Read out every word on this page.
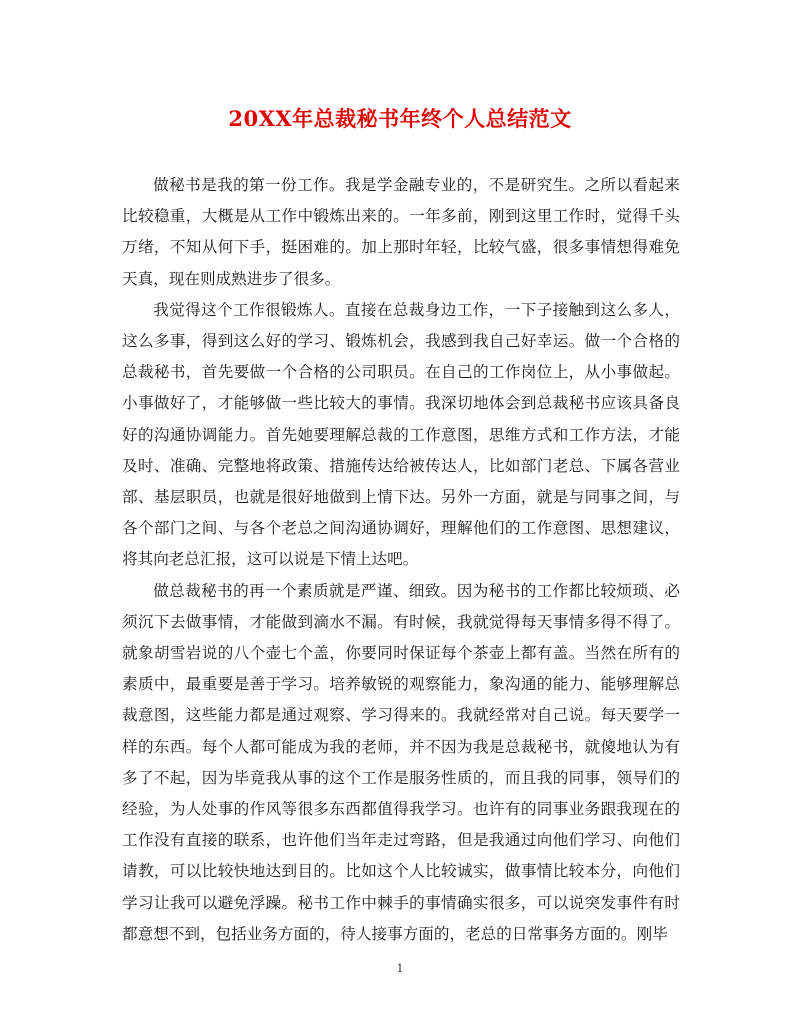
20XX年总裁秘书年终个人总结范文

做秘书是我的第一份工作。我是学金融专业的，不是研究生。之所以看起来比较稳重，大概是从工作中锻炼出来的。一年多前，刚到这里工作时，觉得千头万绪，不知从何下手，挺困难的。加上那时年轻，比较气盛，很多事情想得难免天真，现在则成熟进步了很多。

我觉得这个工作很锻炼人。直接在总裁身边工作，一下子接触到这么多人，这么多事，得到这么好的学习、锻炼机会，我感到我自己好幸运。做一个合格的总裁秘书，首先要做一个合格的公司职员。在自己的工作岗位上，从小事做起。小事做好了，才能够做一些比较大的事情。我深切地体会到总裁秘书应该具备良好的沟通协调能力。首先她要理解总裁的工作意图，思维方式和工作方法，才能及时、准确、完整地将政策、措施传达给被传达人，比如部门老总、下属各营业部、基层职员，也就是很好地做到上情下达。另外一方面，就是与同事之间，与各个部门之间、与各个老总之间沟通协调好，理解他们的工作意图、思想建议，将其向老总汇报，这可以说是下情上达吧。

做总裁秘书的再一个素质就是严谨、细致。因为秘书的工作都比较烦琐、必须沉下去做事情，才能做到滴水不漏。有时候，我就觉得每天事情多得不得了。就象胡雪岩说的八个壶七个盖，你要同时保证每个茶壶上都有盖。当然在所有的素质中，最重要是善于学习。培养敏锐的观察能力，象沟通的能力、能够理解总裁意图，这些能力都是通过观察、学习得来的。我就经常对自己说。每天要学一样的东西。每个人都可能成为我的老师，并不因为我是总裁秘书，就傻地认为有多了不起，因为毕竟我从事的这个工作是服务性质的，而且我的同事，领导们的经验，为人处事的作风等很多东西都值得我学习。也许有的同事业务跟我现在的工作没有直接的联系，也许他们当年走过弯路，但是我通过向他们学习、向他们请教，可以比较快地达到目的。比如这个人比较诚实，做事情比较本分，向他们学习让我可以避免浮躁。秘书工作中棘手的事情确实很多，可以说突发事件有时都意想不到，包括业务方面的，待人接事方面的，老总的日常事务方面的。刚毕

1
